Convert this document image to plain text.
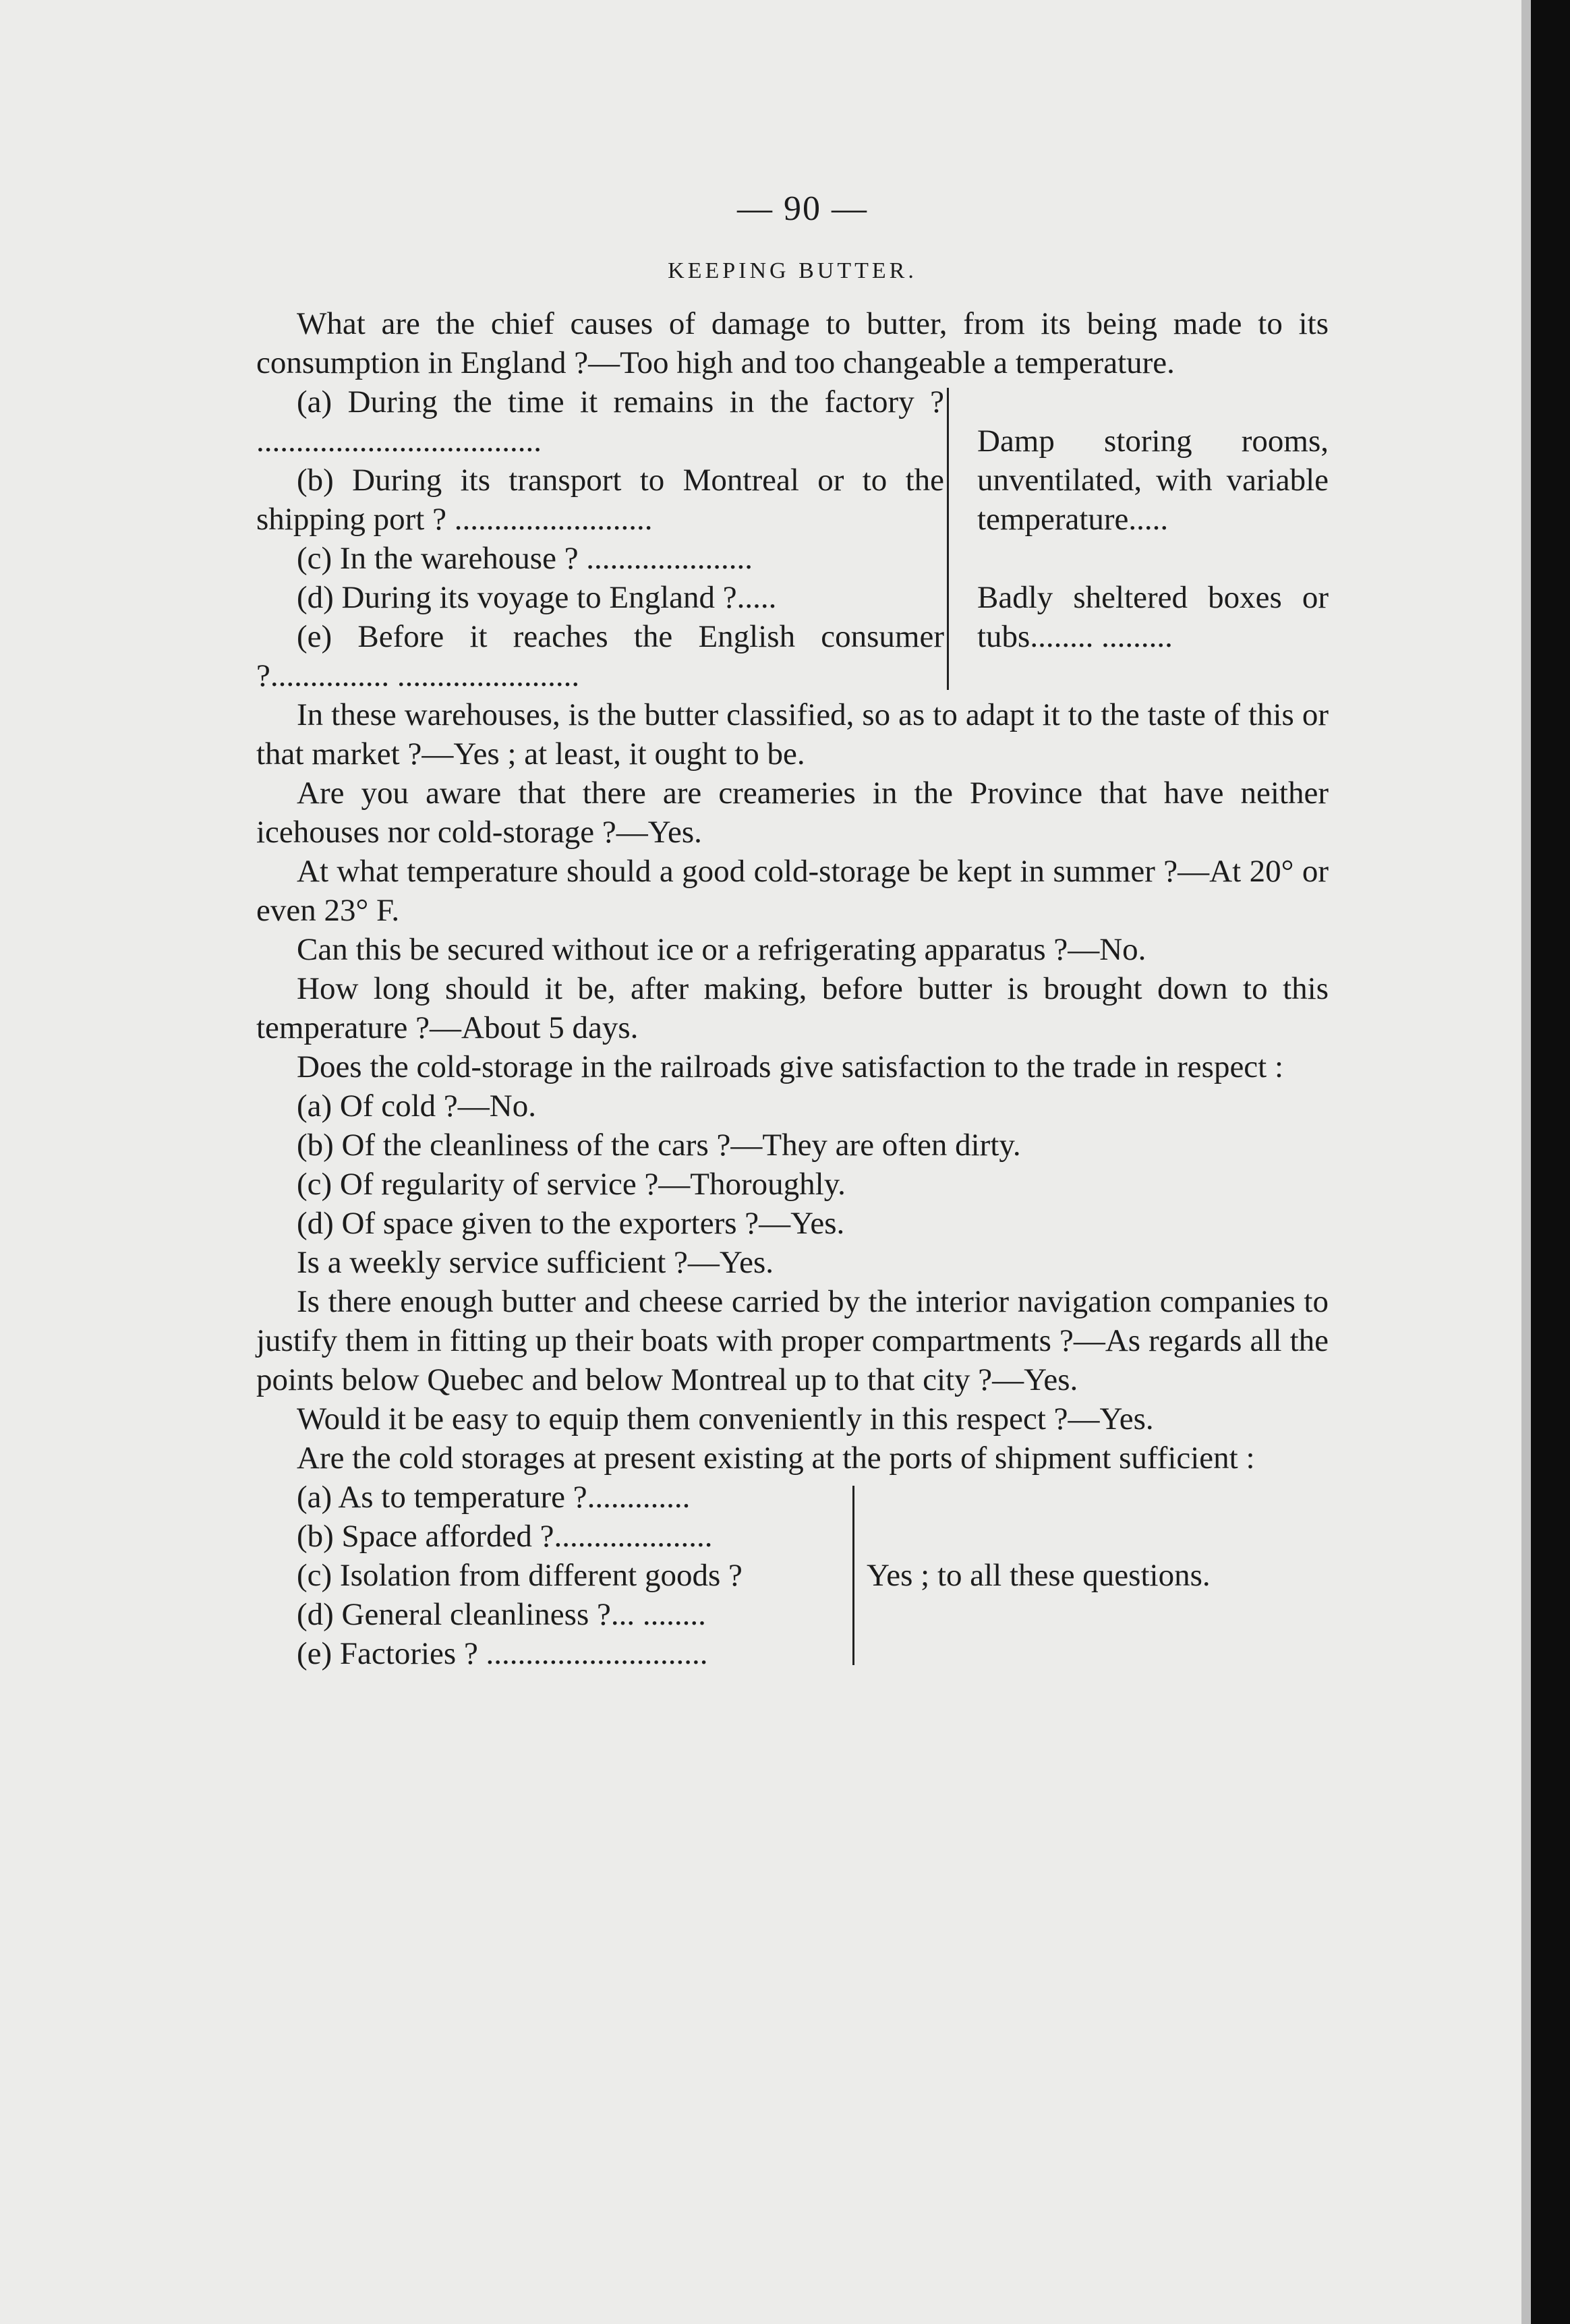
— 90 —
KEEPING BUTTER.

What are the chief causes of damage to butter, from its being made to its consumption in England ?—Too high and too changeable a temperature.

(a) During the time it remains in the factory ? ....................................
(b) During its transport to Montreal or to the shipping port ? .........................
(c) In the warehouse ? .....................
(d) During its voyage to England ?.....
(e) Before it reaches the English consumer ?............... .......................
Damp storing rooms, unventilated, with variable temperature.....
Badly sheltered boxes or tubs........ .........

In these warehouses, is the butter classified, so as to adapt it to the taste of this or that market ?—Yes ; at least, it ought to be.

Are you aware that there are creameries in the Province that have neither icehouses nor cold-storage ?—Yes.

At what temperature should a good cold-storage be kept in summer ?—At 20° or even 23° F.

Can this be secured without ice or a refrigerating apparatus ?—No.

How long should it be, after making, before butter is brought down to this temperature ?—About 5 days.

Does the cold-storage in the railroads give satisfaction to the trade in respect :

(a) Of cold ?—No.
(b) Of the cleanliness of the cars ?—They are often dirty.
(c) Of regularity of service ?—Thoroughly.
(d) Of space given to the exporters ?—Yes.

Is a weekly service sufficient ?—Yes.

Is there enough butter and cheese carried by the interior navigation companies to justify them in fitting up their boats with proper compartments ?—As regards all the points below Quebec and below Montreal up to that city ?—Yes.

Would it be easy to equip them conveniently in this respect ?—Yes.

Are the cold storages at present existing at the ports of shipment sufficient :

(a) As to temperature ?.............
(b) Space afforded ?....................
(c) Isolation from different goods ?
(d) General cleanliness ?... ........
(e) Factories ? ............................
Yes ; to all these questions.
